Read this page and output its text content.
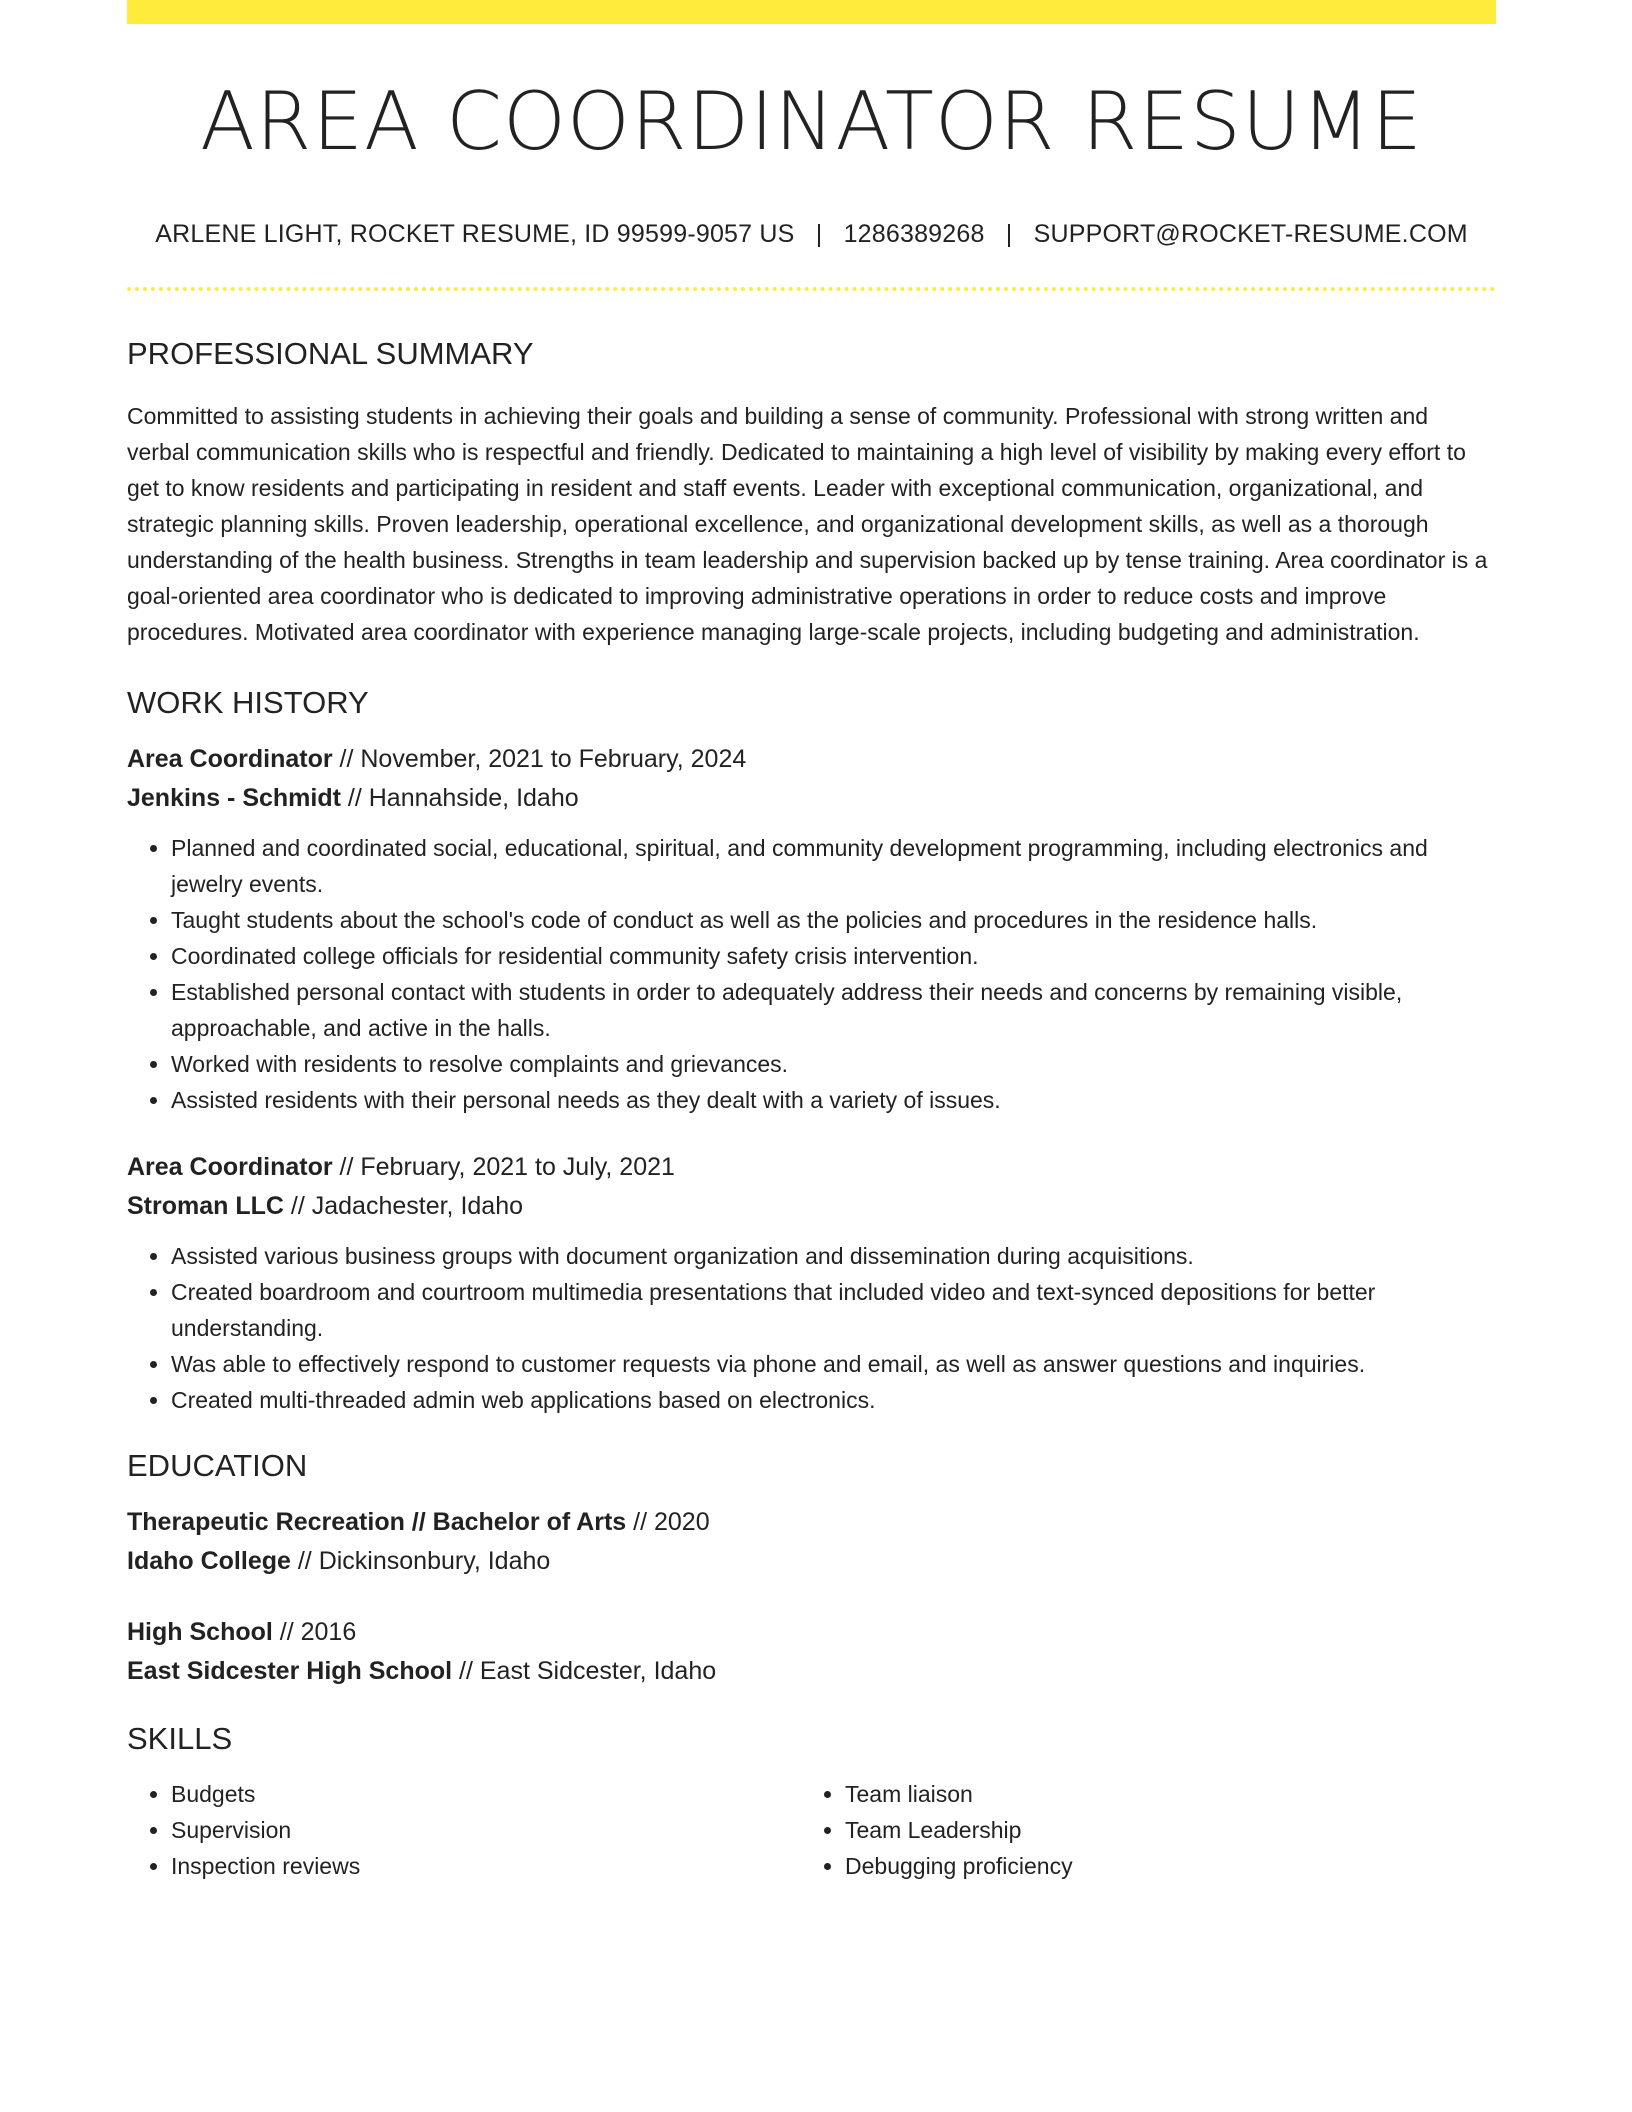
AREA COORDINATOR RESUME
ARLENE LIGHT, ROCKET RESUME, ID 99599-9057 US | 1286389268 | SUPPORT@ROCKET-RESUME.COM
PROFESSIONAL SUMMARY
Committed to assisting students in achieving their goals and building a sense of community. Professional with strong written and verbal communication skills who is respectful and friendly. Dedicated to maintaining a high level of visibility by making every effort to get to know residents and participating in resident and staff events. Leader with exceptional communication, organizational, and strategic planning skills. Proven leadership, operational excellence, and organizational development skills, as well as a thorough understanding of the health business. Strengths in team leadership and supervision backed up by tense training. Area coordinator is a goal-oriented area coordinator who is dedicated to improving administrative operations in order to reduce costs and improve procedures. Motivated area coordinator with experience managing large-scale projects, including budgeting and administration.
WORK HISTORY
Area Coordinator // November, 2021 to February, 2024
Jenkins - Schmidt // Hannahside, Idaho
• Planned and coordinated social, educational, spiritual, and community development programming, including electronics and jewelry events.
• Taught students about the school's code of conduct as well as the policies and procedures in the residence halls.
• Coordinated college officials for residential community safety crisis intervention.
• Established personal contact with students in order to adequately address their needs and concerns by remaining visible, approachable, and active in the halls.
• Worked with residents to resolve complaints and grievances.
• Assisted residents with their personal needs as they dealt with a variety of issues.
Area Coordinator // February, 2021 to July, 2021
Stroman LLC // Jadachester, Idaho
• Assisted various business groups with document organization and dissemination during acquisitions.
• Created boardroom and courtroom multimedia presentations that included video and text-synced depositions for better understanding.
• Was able to effectively respond to customer requests via phone and email, as well as answer questions and inquiries.
• Created multi-threaded admin web applications based on electronics.
EDUCATION
Therapeutic Recreation // Bachelor of Arts // 2020
Idaho College // Dickinsonbury, Idaho
High School // 2016
East Sidcester High School // East Sidcester, Idaho
SKILLS
• Budgets
• Supervision
• Inspection reviews
• Team liaison
• Team Leadership
• Debugging proficiency
